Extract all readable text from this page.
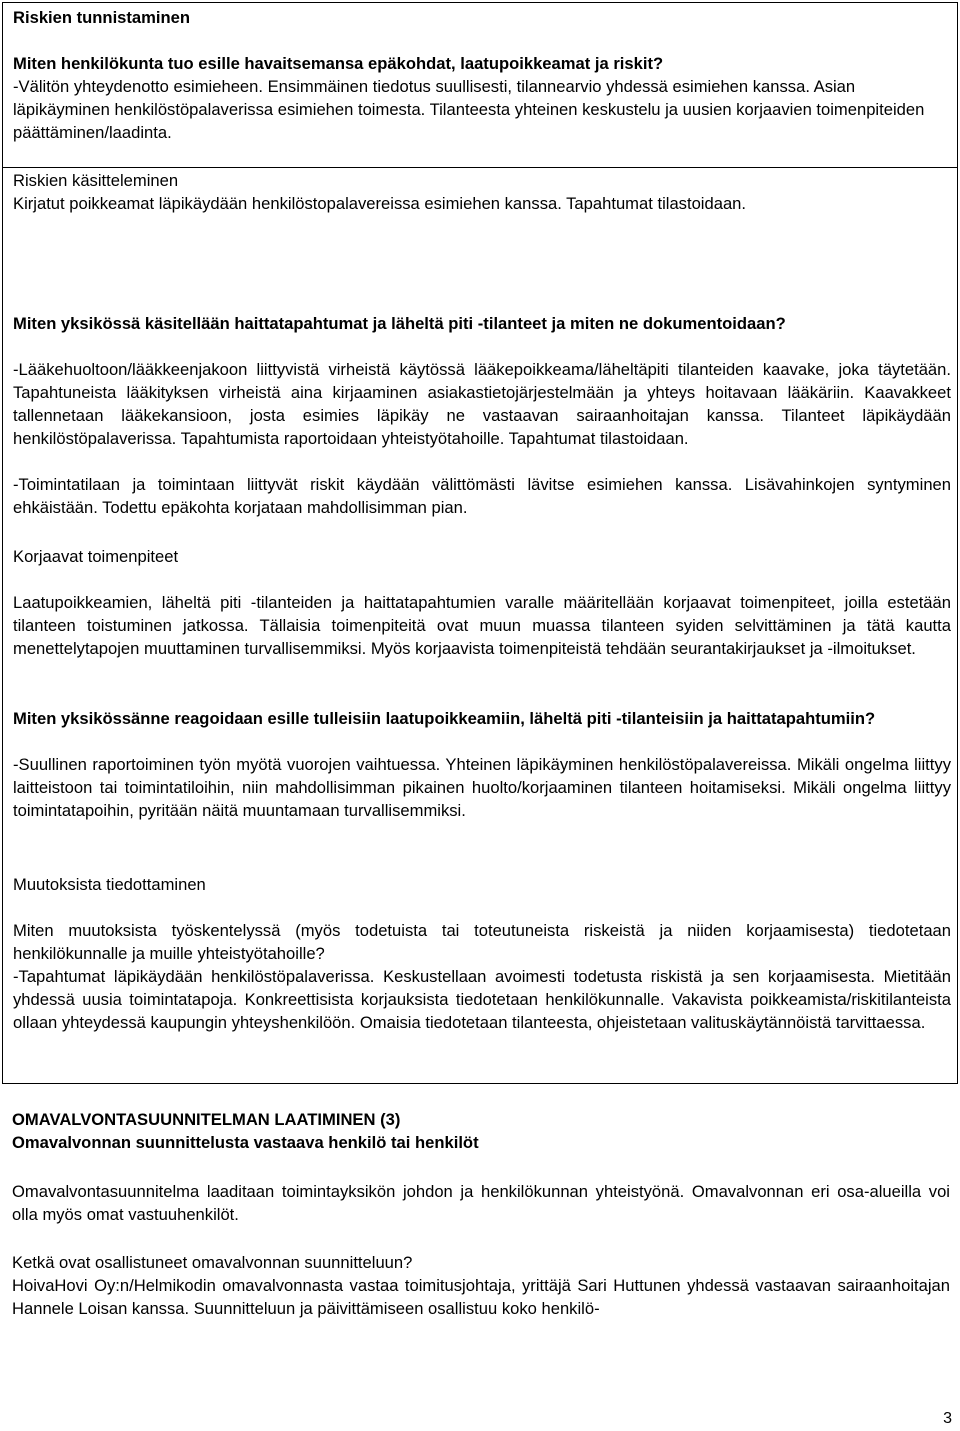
Riskien tunnistaminen
Miten henkilökunta tuo esille havaitsemansa epäkohdat, laatupoikkeamat ja riskit?
-Välitön yhteydenotto esimieheen. Ensimmäinen tiedotus suullisesti, tilannearvio yhdessä esimiehen kanssa. Asian läpikäyminen henkilöstöpalaverissa esimiehen toimesta. Tilanteesta yhteinen keskustelu ja uusien korjaavien toimenpiteiden päättäminen/laadinta.
Riskien käsitteleminen
Kirjatut poikkeamat läpikäydään henkilöstopalavereissa esimiehen kanssa. Tapahtumat tilastoidaan.
Miten yksikössä käsitellään haittatapahtumat ja läheltä piti -tilanteet ja miten ne dokumentoidaan?
-Lääkehuoltoon/lääkkeenjakoon liittyvistä virheistä käytössä lääkepoikkeama/läheltäpiti tilanteiden kaavake, joka täytetään. Tapahtuneista lääkityksen virheistä aina kirjaaminen asiakastietojärjestelmään ja yhteys hoitavaan lääkäriin. Kaavakkeet tallennetaan lääkekansioon, josta esimies läpikäy ne vastaavan sairaanhoitajan kanssa. Tilanteet läpikäydään henkilöstöpalaverissa. Tapahtumista raportoidaan yhteistyötahoille. Tapahtumat tilastoidaan.
-Toimintatilaan ja toimintaan liittyvät riskit käydään välittömästi lävitse esimiehen kanssa. Lisävahinkojen syntyminen ehkäistään. Todettu epäkohta korjataan mahdollisimman pian.
Korjaavat toimenpiteet
Laatupoikkeamien, läheltä piti -tilanteiden ja haittatapahtumien varalle määritellään korjaavat toimenpiteet, joilla estetään tilanteen toistuminen jatkossa. Tällaisia toimenpiteitä ovat muun muassa tilanteen syiden selvittäminen ja tätä kautta menettelytapojen muuttaminen turvallisemmiksi. Myös korjaavista toimenpiteistä tehdään seurantakirjaukset ja -ilmoitukset.
Miten yksikössänne reagoidaan esille tulleisiin laatupoikkeamiin, läheltä piti -tilanteisiin ja haittatapahtumiin?
-Suullinen raportoiminen työn myötä vuorojen vaihtuessa. Yhteinen läpikäyminen henkilöstöpalavereissa. Mikäli ongelma liittyy laitteistoon tai toimintatiloihin, niin mahdollisimman pikainen huolto/korjaaminen tilanteen hoitamiseksi. Mikäli ongelma liittyy toimintatapoihin, pyritään näitä muuntamaan turvallisemmiksi.
Muutoksista tiedottaminen
Miten muutoksista työskentelyssä (myös todetuista tai toteutuneista riskeistä ja niiden korjaamisesta) tiedotetaan henkilökunnalle ja muille yhteistyötahoille?
-Tapahtumat läpikäydään henkilöstöpalaverissa. Keskustellaan avoimesti todetusta riskistä ja sen korjaamisesta. Mietitään yhdessä uusia toimintatapoja. Konkreettisista korjauksista tiedotetaan henkilökunnalle. Vakavista poikkeamista/riskitilanteista ollaan yhteydessä kaupungin yhteyshenkilöön. Omaisia tiedotetaan tilanteesta, ohjeistetaan valituskäytännöistä tarvittaessa.
OMAVALVONTASUUNNITELMAN LAATIMINEN (3)
Omavalvonnan suunnittelusta vastaava henkilö tai henkilöt
Omavalvontasuunnitelma laaditaan toimintayksikön johdon ja henkilökunnan yhteistyönä. Omavalvonnan eri osa-alueilla voi olla myös omat vastuuhenkilöt.
Ketkä ovat osallistuneet omavalvonnan suunnitteluun?
HoivaHovi Oy:n/Helmikodin omavalvonnasta vastaa toimitusjohtaja, yrittäjä Sari Huttunen yhdessä vastaavan sairaanhoitajan Hannele Loisan kanssa. Suunnitteluun ja päivittämiseen osallistuu koko henkilö-
3
